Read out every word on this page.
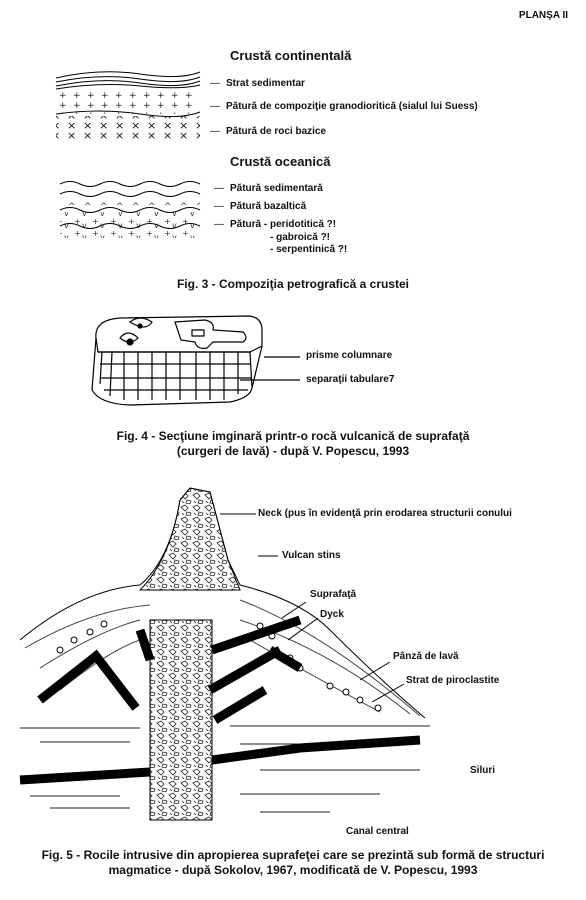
PLANŞA II
Crustă continentală
— Strat sedimentar
— Pătură de compoziţie granodioritică (sialul lui Suess)
— Pătură de roci bazice
Crustă oceanică
— Pătură sedimentară
— Pătură bazaltică
— Pătură - peridotitică ?!
- gabroică ?!
- serpentinică ?!
Fig. 3 - Compoziţia petrografică a crustei
prisme columnare
separaţii tabulare7
Fig. 4 - Secţiune imginară printr-o rocă vulcanică de suprafaţă
(curgeri de lavă) - după V. Popescu, 1993
Neck (pus în evidenţă prin erodarea structurii conului
Vulcan stins
Suprafaţă
Dyck
Pânză de lavă
Strat de piroclastite
Siluri
Canal central
Fig. 5 - Rocile intrusive din apropierea suprafeţei care se prezintă sub formă de structuri
magmatice - după Sokolov, 1967, modificată de V. Popescu, 1993
